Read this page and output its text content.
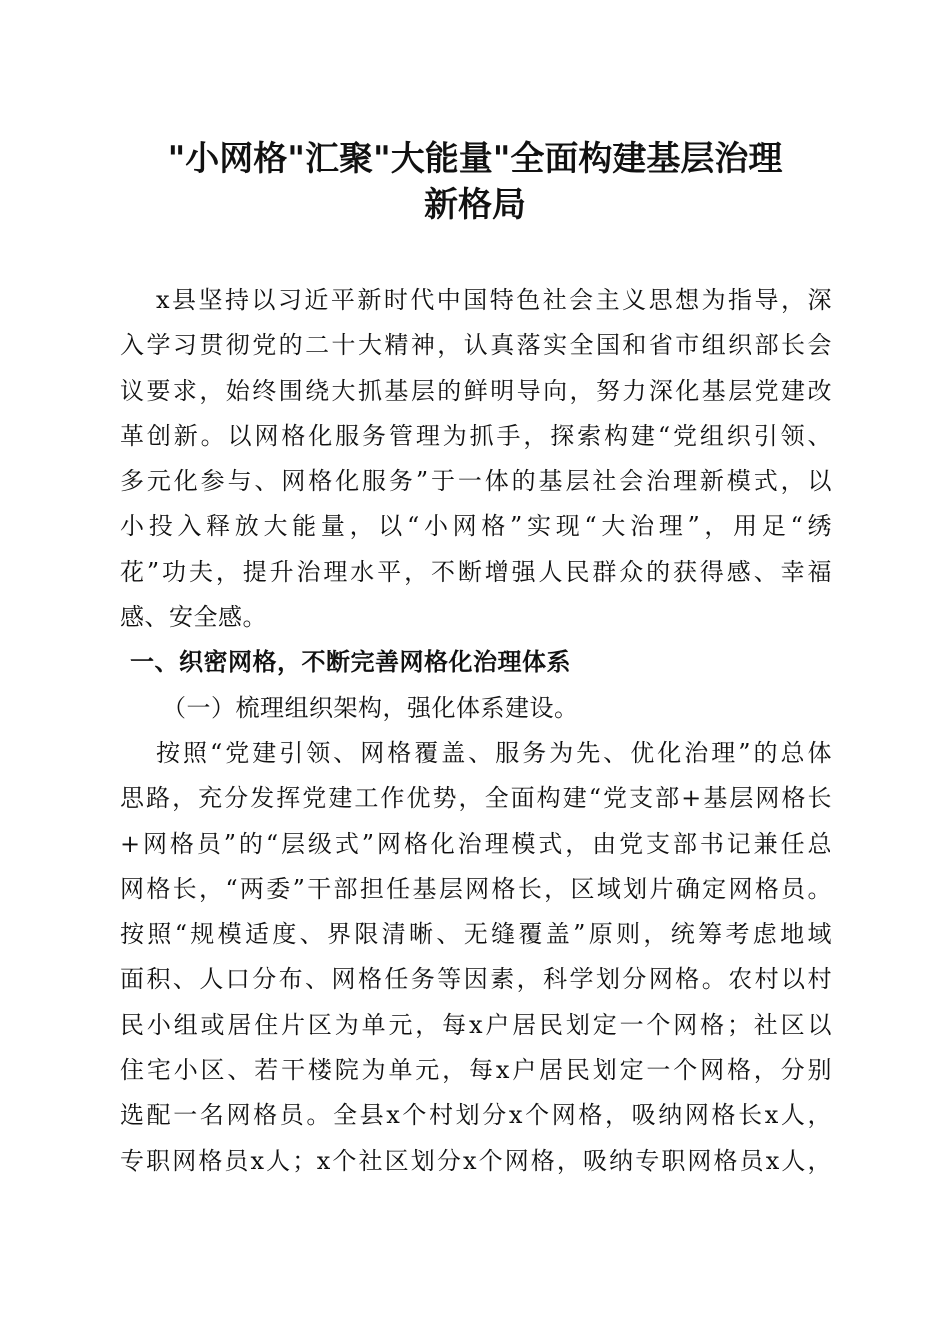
"小网格"汇聚"大能量"全面构建基层治理
新格局
x县坚持以习近平新时代中国特色社会主义思想为指导，深
入学习贯彻党的二十大精神，认真落实全国和省市组织部长会
议要求，始终围绕大抓基层的鲜明导向，努力深化基层党建改
革创新。以网格化服务管理为抓手，探索构建“党组织引领、
多元化参与、网格化服务”于一体的基层社会治理新模式，以
小投入释放大能量，以“小网格”实现“大治理”，用足“绣
花”功夫，提升治理水平，不断增强人民群众的获得感、幸福
感、安全感。
一、织密网格，不断完善网格化治理体系
（一）梳理组织架构，强化体系建设。
按照“党建引领、网格覆盖、服务为先、优化治理”的总体
思路，充分发挥党建工作优势，全面构建“党支部+基层网格长
+网格员”的“层级式”网格化治理模式，由党支部书记兼任总
网格长，“两委”干部担任基层网格长，区域划片确定网格员。
按照“规模适度、界限清晰、无缝覆盖”原则，统筹考虑地域
面积、人口分布、网格任务等因素，科学划分网格。农村以村
民小组或居住片区为单元，每x户居民划定一个网格；社区以
住宅小区、若干楼院为单元，每x户居民划定一个网格，分别
选配一名网格员。全县x个村划分x个网格，吸纳网格长x人，
专职网格员x人；x个社区划分x个网格，吸纳专职网格员x人，
